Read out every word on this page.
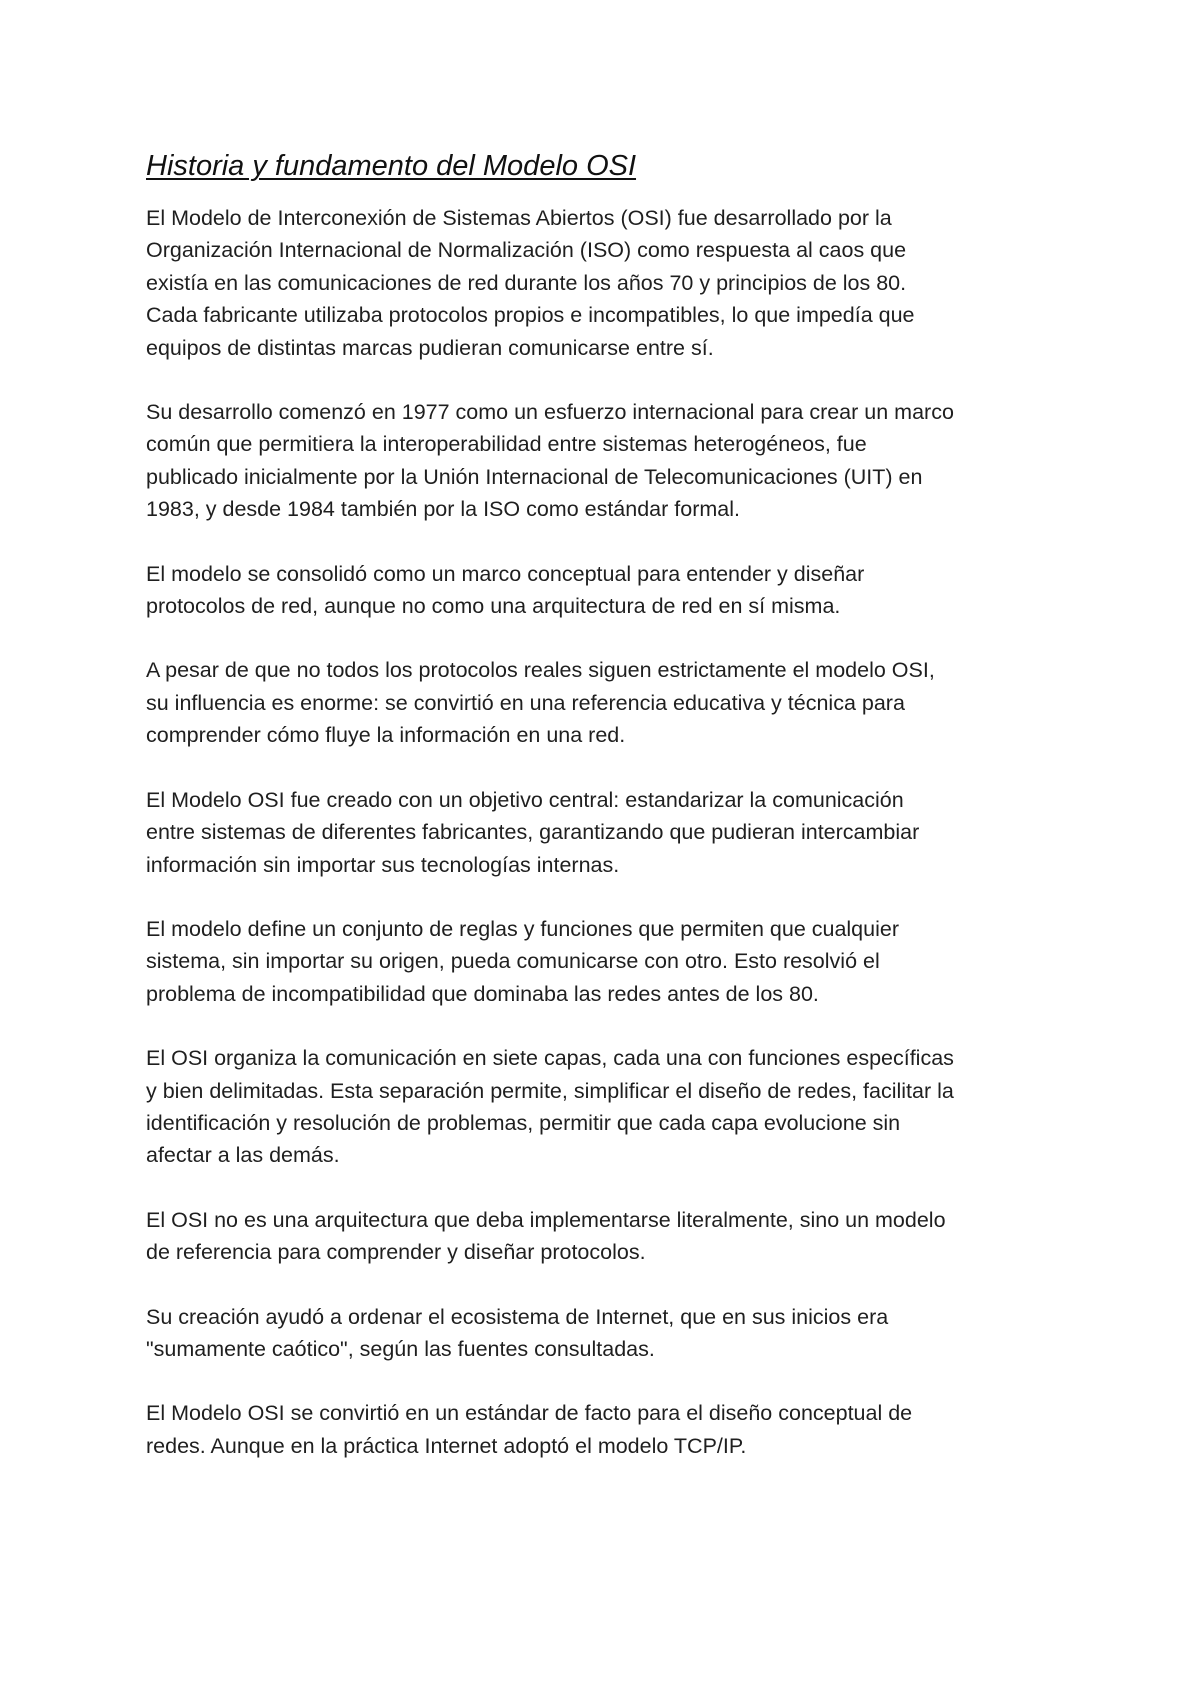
Historia y fundamento del Modelo OSI

El Modelo de Interconexión de Sistemas Abiertos (OSI) fue desarrollado por la
Organización Internacional de Normalización (ISO) como respuesta al caos que
existía en las comunicaciones de red durante los años 70 y principios de los 80.
Cada fabricante utilizaba protocolos propios e incompatibles, lo que impedía que
equipos de distintas marcas pudieran comunicarse entre sí.

Su desarrollo comenzó en 1977 como un esfuerzo internacional para crear un marco
común que permitiera la interoperabilidad entre sistemas heterogéneos, fue
publicado inicialmente por la Unión Internacional de Telecomunicaciones (UIT) en
1983, y desde 1984 también por la ISO como estándar formal.

El modelo se consolidó como un marco conceptual para entender y diseñar
protocolos de red, aunque no como una arquitectura de red en sí misma.

A pesar de que no todos los protocolos reales siguen estrictamente el modelo OSI,
su influencia es enorme: se convirtió en una referencia educativa y técnica para
comprender cómo fluye la información en una red.

El Modelo OSI fue creado con un objetivo central: estandarizar la comunicación
entre sistemas de diferentes fabricantes, garantizando que pudieran intercambiar
información sin importar sus tecnologías internas.

El modelo define un conjunto de reglas y funciones que permiten que cualquier
sistema, sin importar su origen, pueda comunicarse con otro. Esto resolvió el
problema de incompatibilidad que dominaba las redes antes de los 80.

El OSI organiza la comunicación en siete capas, cada una con funciones específicas
y bien delimitadas. Esta separación permite, simplificar el diseño de redes, facilitar la
identificación y resolución de problemas, permitir que cada capa evolucione sin
afectar a las demás.

El OSI no es una arquitectura que deba implementarse literalmente, sino un modelo
de referencia para comprender y diseñar protocolos.

Su creación ayudó a ordenar el ecosistema de Internet, que en sus inicios era
"sumamente caótico", según las fuentes consultadas.

El Modelo OSI se convirtió en un estándar de facto para el diseño conceptual de
redes. Aunque en la práctica Internet adoptó el modelo TCP/IP.
